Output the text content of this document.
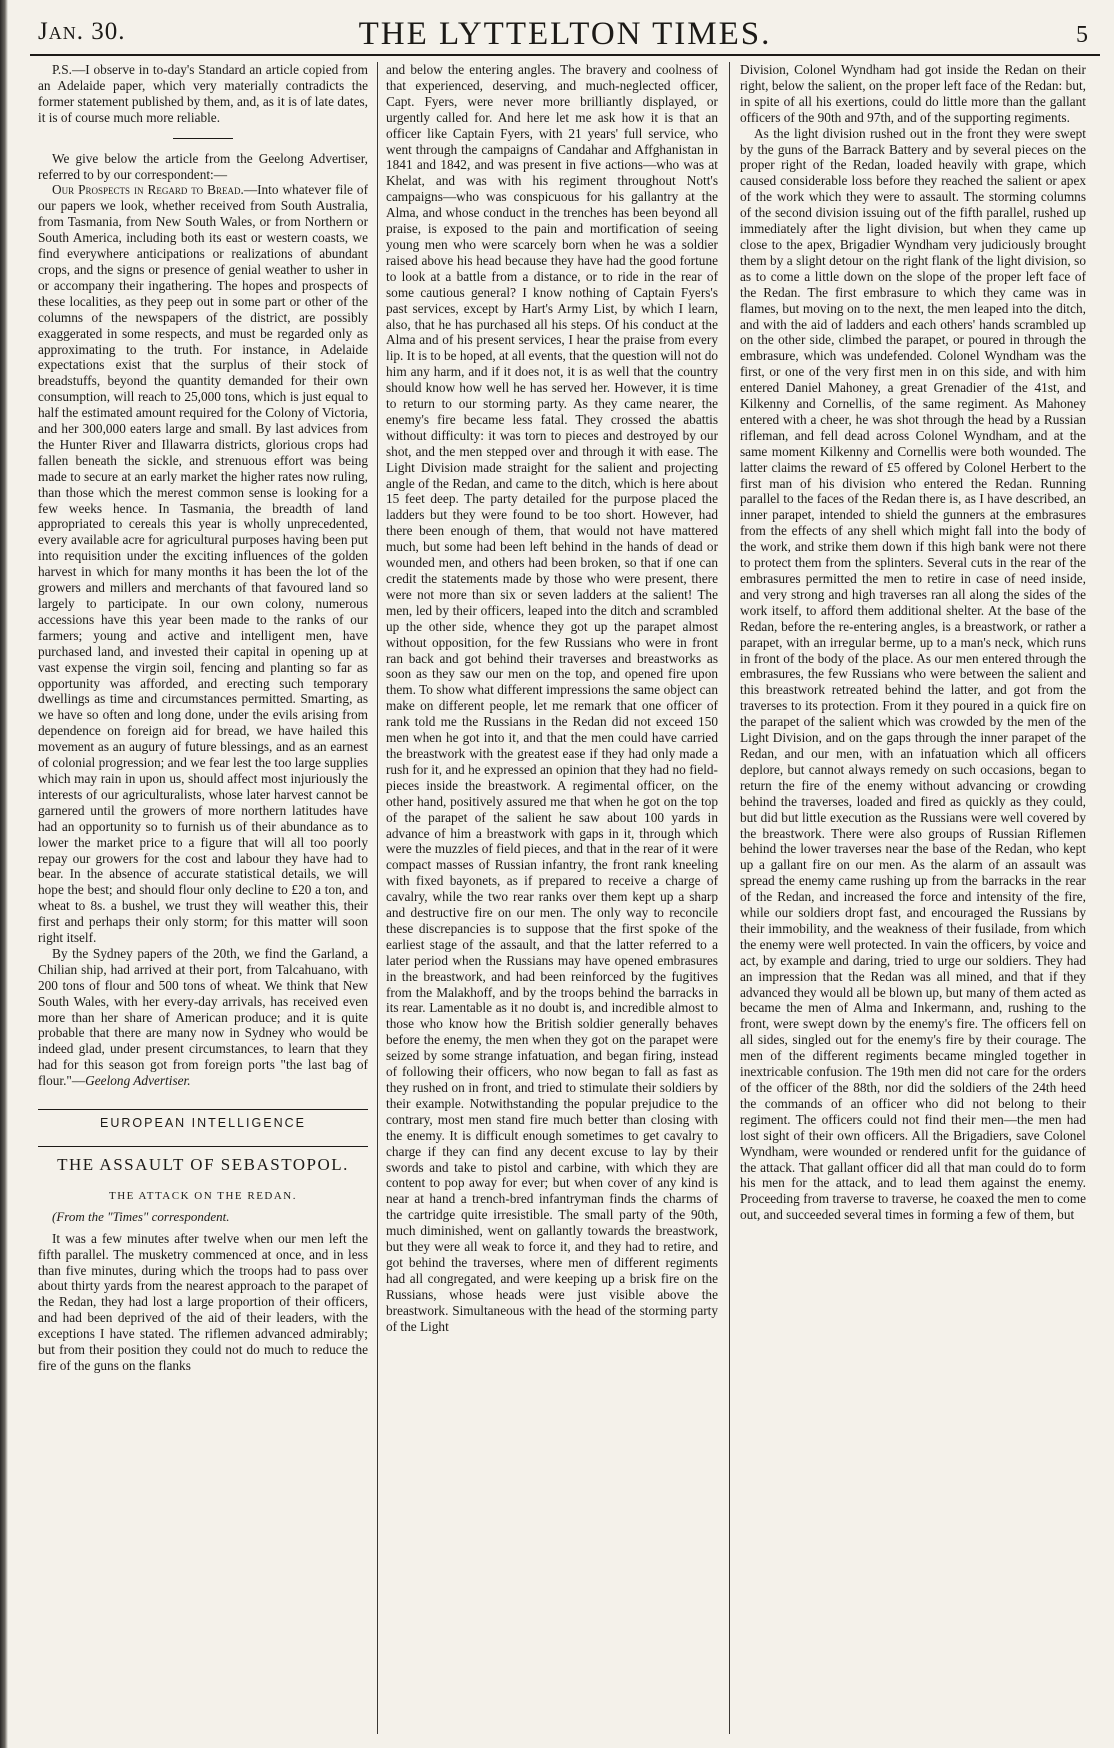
Jan. 30.	THE LYTTELTON TIMES.	5

P.S.—I observe in to-day's Standard an article copied from an Adelaide paper, which very materially contradicts the former statement published by them, and, as it is of late dates, it is of course much more reliable.

We give below the article from the Geelong Advertiser, referred to by our correspondent:—

Our Prospects in Regard to Bread.—Into whatever file of our papers we look, whether received from South Australia, from Tasmania, from New South Wales, or from Northern or South America, including both its east or western coasts, we find everywhere anticipations or realizations of abundant crops, and the signs or presence of genial weather to usher in or accompany their ingathering. The hopes and prospects of these localities, as they peep out in some part or other of the columns of the newspapers of the district, are possibly exaggerated in some respects, and must be regarded only as approximating to the truth. For instance, in Adelaide expectations exist that the surplus of their stock of breadstuffs, beyond the quantity demanded for their own consumption, will reach to 25,000 tons, which is just equal to half the estimated amount required for the Colony of Victoria, and her 300,000 eaters large and small. By last advices from the Hunter River and Illawarra districts, glorious crops had fallen beneath the sickle, and strenuous effort was being made to secure at an early market the higher rates now ruling, than those which the merest common sense is looking for a few weeks hence. In Tasmania, the breadth of land appropriated to cereals this year is wholly unprecedented, every available acre for agricultural purposes having been put into requisition under the exciting influences of the golden harvest in which for many months it has been the lot of the growers and millers and merchants of that favoured land so largely to participate. In our own colony, numerous accessions have this year been made to the ranks of our farmers; young and active and intelligent men, have purchased land, and invested their capital in opening up at vast expense the virgin soil, fencing and planting so far as opportunity was afforded, and erecting such temporary dwellings as time and circumstances permitted. Smarting, as we have so often and long done, under the evils arising from dependence on foreign aid for bread, we have hailed this movement as an augury of future blessings, and as an earnest of colonial progression; and we fear lest the too large supplies which may rain in upon us, should affect most injuriously the interests of our agriculturalists, whose later harvest cannot be garnered until the growers of more northern latitudes have had an opportunity so to furnish us of their abundance as to lower the market price to a figure that will all too poorly repay our growers for the cost and labour they have had to bear. In the absence of accurate statistical details, we will hope the best; and should flour only decline to £20 a ton, and wheat to 8s. a bushel, we trust they will weather this, their first and perhaps their only storm; for this matter will soon right itself.

By the Sydney papers of the 20th, we find the Garland, a Chilian ship, had arrived at their port, from Talcahuano, with 200 tons of flour and 500 tons of wheat. We think that New South Wales, with her every-day arrivals, has received even more than her share of American produce; and it is quite probable that there are many now in Sydney who would be indeed glad, under present circumstances, to learn that they had for this season got from foreign ports "the last bag of flour."—Geelong Advertiser.

EUROPEAN INTELLIGENCE
THE ASSAULT OF SEBASTOPOL.
THE ATTACK ON THE REDAN.
(From the "Times" correspondent.

It was a few minutes after twelve when our men left the fifth parallel. The musketry commenced at once, and in less than five minutes, during which the troops had to pass over about thirty yards from the nearest approach to the parapet of the Redan, they had lost a large proportion of their officers, and had been deprived of the aid of their leaders, with the exceptions I have stated. The riflemen advanced admirably; but from their position they could not do much to reduce the fire of the guns on the flanks

and below the entering angles. The bravery and coolness of that experienced, deserving, and much-neglected officer, Capt. Fyers, were never more brilliantly displayed, or urgently called for. And here let me ask how it is that an officer like Captain Fyers, with 21 years' full service, who went through the campaigns of Candahar and Affghanistan in 1841 and 1842, and was present in five actions—who was at Khelat, and was with his regiment throughout Nott's campaigns—who was conspicuous for his gallantry at the Alma, and whose conduct in the trenches has been beyond all praise, is exposed to the pain and mortification of seeing young men who were scarcely born when he was a soldier raised above his head because they have had the good fortune to look at a battle from a distance, or to ride in the rear of some cautious general? I know nothing of Captain Fyers's past services, except by Hart's Army List, by which I learn, also, that he has purchased all his steps. Of his conduct at the Alma and of his present services, I hear the praise from every lip. It is to be hoped, at all events, that the question will not do him any harm, and if it does not, it is as well that the country should know how well he has served her. However, it is time to return to our storming party. As they came nearer, the enemy's fire became less fatal. They crossed the abattis without difficulty: it was torn to pieces and destroyed by our shot, and the men stepped over and through it with ease. The Light Division made straight for the salient and projecting angle of the Redan, and came to the ditch, which is here about 15 feet deep. The party detailed for the purpose placed the ladders but they were found to be too short. However, had there been enough of them, that would not have mattered much, but some had been left behind in the hands of dead or wounded men, and others had been broken, so that if one can credit the statements made by those who were present, there were not more than six or seven ladders at the salient! The men, led by their officers, leaped into the ditch and scrambled up the other side, whence they got up the parapet almost without opposition, for the few Russians who were in front ran back and got behind their traverses and breastworks as soon as they saw our men on the top, and opened fire upon them. To show what different impressions the same object can make on different people, let me remark that one officer of rank told me the Russians in the Redan did not exceed 150 men when he got into it, and that the men could have carried the breastwork with the greatest ease if they had only made a rush for it, and he expressed an opinion that they had no field-pieces inside the breastwork. A regimental officer, on the other hand, positively assured me that when he got on the top of the parapet of the salient he saw about 100 yards in advance of him a breastwork with gaps in it, through which were the muzzles of field pieces, and that in the rear of it were compact masses of Russian infantry, the front rank kneeling with fixed bayonets, as if prepared to receive a charge of cavalry, while the two rear ranks over them kept up a sharp and destructive fire on our men. The only way to reconcile these discrepancies is to suppose that the first spoke of the earliest stage of the assault, and that the latter referred to a later period when the Russians may have opened embrasures in the breastwork, and had been reinforced by the fugitives from the Malakhoff, and by the troops behind the barracks in its rear. Lamentable as it no doubt is, and incredible almost to those who know how the British soldier generally behaves before the enemy, the men when they got on the parapet were seized by some strange infatuation, and began firing, instead of following their officers, who now began to fall as fast as they rushed on in front, and tried to stimulate their soldiers by their example. Notwithstanding the popular prejudice to the contrary, most men stand fire much better than closing with the enemy. It is difficult enough sometimes to get cavalry to charge if they can find any decent excuse to lay by their swords and take to pistol and carbine, with which they are content to pop away for ever; but when cover of any kind is near at hand a trench-bred infantryman finds the charms of the cartridge quite irresistible. The small party of the 90th, much diminished, went on gallantly towards the breastwork, but they were all weak to force it, and they had to retire, and got behind the traverses, where men of different regiments had all congregated, and were keeping up a brisk fire on the Russians, whose heads were just visible above the breastwork. Simultaneous with the head of the storming party of the Light

Division, Colonel Wyndham had got inside the Redan on their right, below the salient, on the proper left face of the Redan: but, in spite of all his exertions, could do little more than the gallant officers of the 90th and 97th, and of the supporting regiments.

As the light division rushed out in the front they were swept by the guns of the Barrack Battery and by several pieces on the proper right of the Redan, loaded heavily with grape, which caused considerable loss before they reached the salient or apex of the work which they were to assault. The storming columns of the second division issuing out of the fifth parallel, rushed up immediately after the light division, but when they came up close to the apex, Brigadier Wyndham very judiciously brought them by a slight detour on the right flank of the light division, so as to come a little down on the slope of the proper left face of the Redan. The first embrasure to which they came was in flames, but moving on to the next, the men leaped into the ditch, and with the aid of ladders and each others' hands scrambled up on the other side, climbed the parapet, or poured in through the embrasure, which was undefended. Colonel Wyndham was the first, or one of the very first men in on this side, and with him entered Daniel Mahoney, a great Grenadier of the 41st, and Kilkenny and Cornellis, of the same regiment. As Mahoney entered with a cheer, he was shot through the head by a Russian rifleman, and fell dead across Colonel Wyndham, and at the same moment Kilkenny and Cornellis were both wounded. The latter claims the reward of £5 offered by Colonel Herbert to the first man of his division who entered the Redan. Running parallel to the faces of the Redan there is, as I have described, an inner parapet, intended to shield the gunners at the embrasures from the effects of any shell which might fall into the body of the work, and strike them down if this high bank were not there to protect them from the splinters. Several cuts in the rear of the embrasures permitted the men to retire in case of need inside, and very strong and high traverses ran all along the sides of the work itself, to afford them additional shelter. At the base of the Redan, before the re-entering angles, is a breastwork, or rather a parapet, with an irregular berme, up to a man's neck, which runs in front of the body of the place. As our men entered through the embrasures, the few Russians who were between the salient and this breastwork retreated behind the latter, and got from the traverses to its protection. From it they poured in a quick fire on the parapet of the salient which was crowded by the men of the Light Division, and on the gaps through the inner parapet of the Redan, and our men, with an infatuation which all officers deplore, but cannot always remedy on such occasions, began to return the fire of the enemy without advancing or crowding behind the traverses, loaded and fired as quickly as they could, but did but little execution as the Russians were well covered by the breastwork. There were also groups of Russian Riflemen behind the lower traverses near the base of the Redan, who kept up a gallant fire on our men. As the alarm of an assault was spread the enemy came rushing up from the barracks in the rear of the Redan, and increased the force and intensity of the fire, while our soldiers dropt fast, and encouraged the Russians by their immobility, and the weakness of their fusilade, from which the enemy were well protected. In vain the officers, by voice and act, by example and daring, tried to urge our soldiers. They had an impression that the Redan was all mined, and that if they advanced they would all be blown up, but many of them acted as became the men of Alma and Inkermann, and, rushing to the front, were swept down by the enemy's fire. The officers fell on all sides, singled out for the enemy's fire by their courage. The men of the different regiments became mingled together in inextricable confusion. The 19th men did not care for the orders of the officer of the 88th, nor did the soldiers of the 24th heed the commands of an officer who did not belong to their regiment. The officers could not find their men—the men had lost sight of their own officers. All the Brigadiers, save Colonel Wyndham, were wounded or rendered unfit for the guidance of the attack. That gallant officer did all that man could do to form his men for the attack, and to lead them against the enemy. Proceeding from traverse to traverse, he coaxed the men to come out, and succeeded several times in forming a few of them, but
